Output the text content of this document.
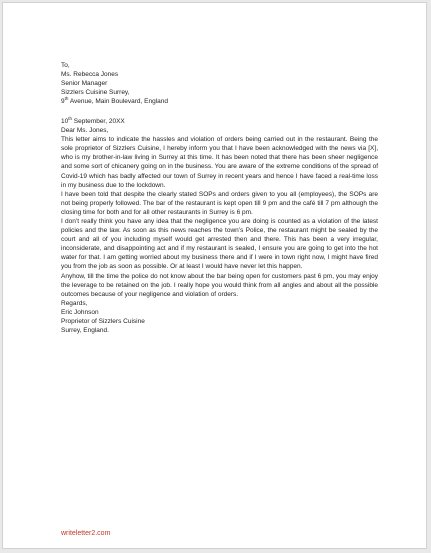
To,

Ms. Rebecca Jones
Senior Manager
Sizzlers Cuisine Surrey,
9th Avenue, Main Boulevard, England

10th September, 20XX

Dear Ms. Jones,

This letter aims to indicate the hassles and violation of orders being carried out in the restaurant. Being the sole proprietor of Sizzlers Cuisine, I hereby inform you that I have been acknowledged with the news via [X], who is my brother-in-law living in Surrey at this time. It has been noted that there has been sheer negligence and some sort of chicanery going on in the business. You are aware of the extreme conditions of the spread of Covid-19 which has badly affected our town of Surrey in recent years and hence I have faced a real-time loss in my business due to the lockdown.

I have been told that despite the clearly stated SOPs and orders given to you all (employees), the SOPs are not being properly followed. The bar of the restaurant is kept open till 9 pm and the café till 7 pm although the closing time for both and for all other restaurants in Surrey is 6 pm.

I don’t really think you have any idea that the negligence you are doing is counted as a violation of the latest policies and the law. As soon as this news reaches the town’s Police, the restaurant might be sealed by the court and all of you including myself would get arrested then and there. This has been a very irregular, inconsiderate, and disappointing act and if my restaurant is sealed, I ensure you are going to get into the hot water for that. I am getting worried about my business there and if I were in town right now, I might have fired you from the job as soon as possible. Or at least I would have never let this happen.

Anyhow, till the time the police do not know about the bar being open for customers past 6 pm, you may enjoy the leverage to be retained on the job. I really hope you would think from all angles and about all the possible outcomes because of your negligence and violation of orders.

Regards,

Eric Johnson
Proprietor of Sizzlers Cuisine
Surrey, England.
writeletter2.com
